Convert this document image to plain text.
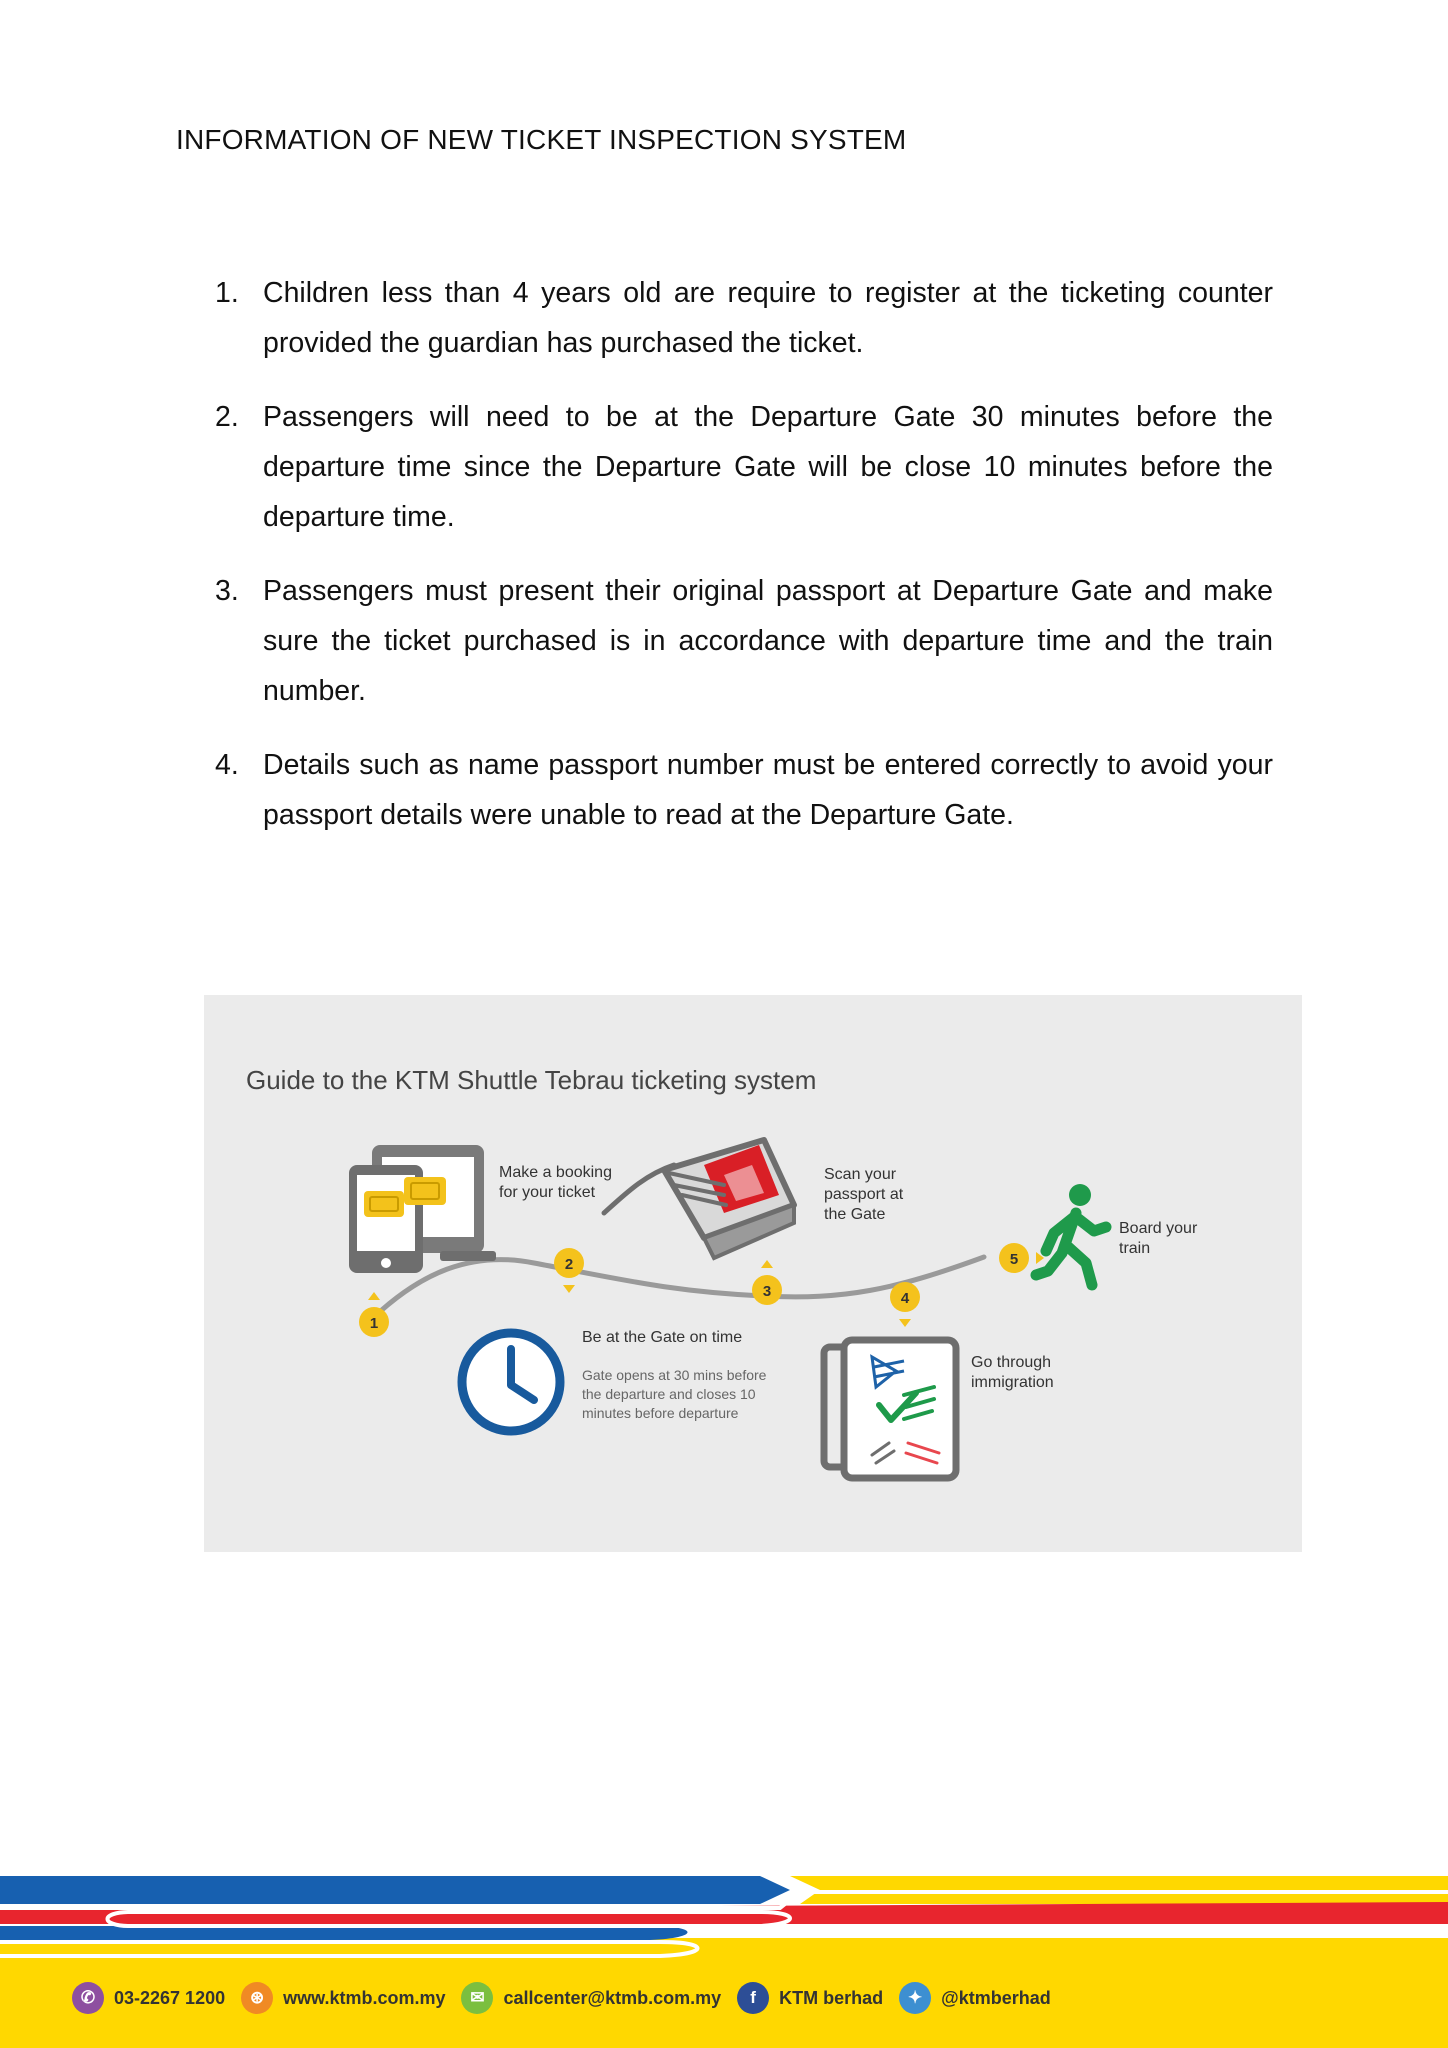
INFORMATION OF NEW TICKET INSPECTION SYSTEM
1. Children less than 4 years old are require to register at the ticketing counter provided the guardian has purchased the ticket.
2. Passengers will need to be at the Departure Gate 30 minutes before the departure time since the Departure Gate will be close 10 minutes before the departure time.
3. Passengers must present their original passport at Departure Gate and make sure the ticket purchased is in accordance with departure time and the train number.
4. Details such as name passport number must be entered correctly to avoid your passport details were unable to read at the Departure Gate.
1
2
3	4
5
Guide to the KTM Shuttle Tebrau ticketing system
Make a booking for your ticket
Be at the Gate on time
Gate opens at 30 mins before the departure and closes 10 minutes before departure
Scan your passport at the Gate
Go through immigration
Board your train
✆	03-2267 1200	⊛	www.ktmb.com.my	✉	callcenter@ktmb.com.my	f	KTM berhad	✦	@ktmberhad
